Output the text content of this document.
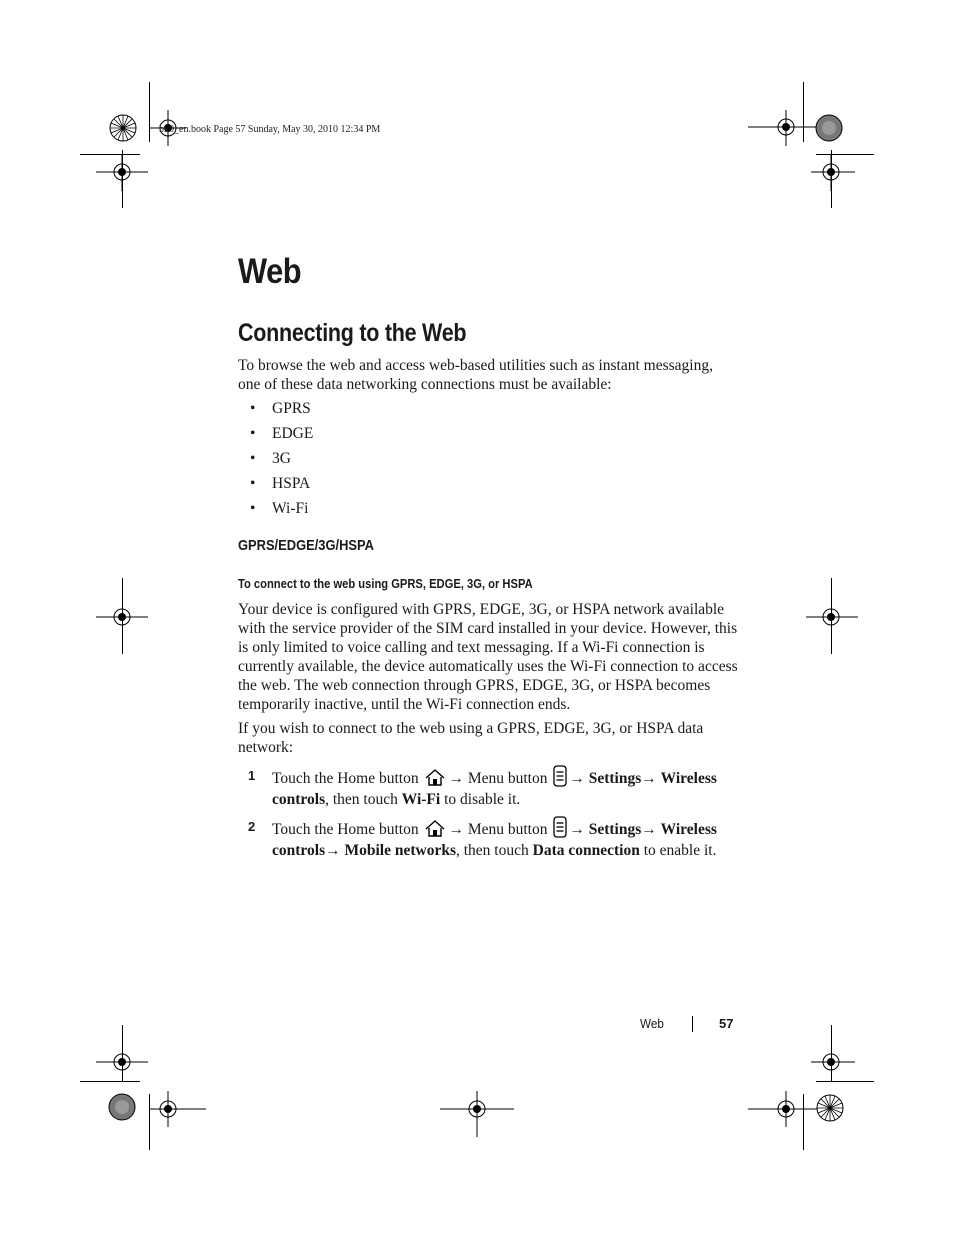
bk0_en.book Page 57 Sunday, May 30, 2010 12:34 PM
Web
Connecting to the Web

To browse the web and access web-based utilities such as instant messaging, one of these data networking connections must be available:

• GPRS
• EDGE
• 3G
• HSPA
• Wi-Fi
GPRS/EDGE/3G/HSPA
To connect to the web using GPRS, EDGE, 3G, or HSPA

Your device is configured with GPRS, EDGE, 3G, or HSPA network available with the service provider of the SIM card installed in your device. However, this is only limited to voice calling and text messaging. If a Wi-Fi connection is currently available, the device automatically uses the Wi-Fi connection to access the web. The web connection through GPRS, EDGE, 3G, or HSPA becomes temporarily inactive, until the Wi-Fi connection ends.

If you wish to connect to the web using a GPRS, EDGE, 3G, or HSPA data network:

1 Touch the Home button → Menu button → Settings→ Wireless controls, then touch Wi-Fi to disable it.
2 Touch the Home button → Menu button → Settings→ Wireless controls→ Mobile networks, then touch Data connection to enable it.
Web	57
